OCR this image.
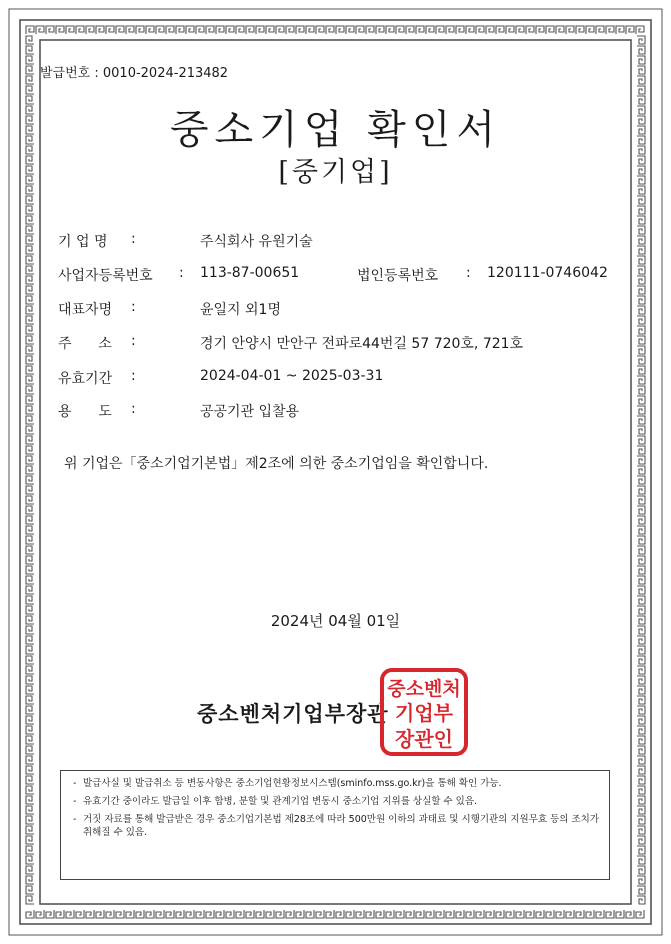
발급번호 : 0010-2024-213482
중소기업 확인서
[중기업]
기 업 명 :	주식회사 유원기술
사업자등록번호 : 113-87-00651	법인등록번호 : 120111-0746042
대표자명 :	윤일지 외1명
주      소 :	경기 안양시 만안구 전파로44번길 57 720호, 721호
유효기간 :	2024-04-01 ~ 2025-03-31
용      도 :	공공기관 입찰용
위 기업은「중소기업기본법」제2조에 의한 중소기업임을 확인합니다.
2024년 04월 01일
중소벤처기업부장관
중소벤처
기업부
장관인
- 발급사실 및 발급취소 등 변동사항은 중소기업현황정보시스템(sminfo.mss.go.kr)을 통해 확인 가능.
- 유효기간 중이라도 발급일 이후 합병, 분할 및 관계기업 변동시 중소기업 지위를 상실할 수 있음.
- 거짓 자료를 통해 발급받은 경우 중소기업기본법 제28조에 따라 500만원 이하의 과태료 및 시행기관의 지원무효 등의 조치가 취해질 수 있음.
